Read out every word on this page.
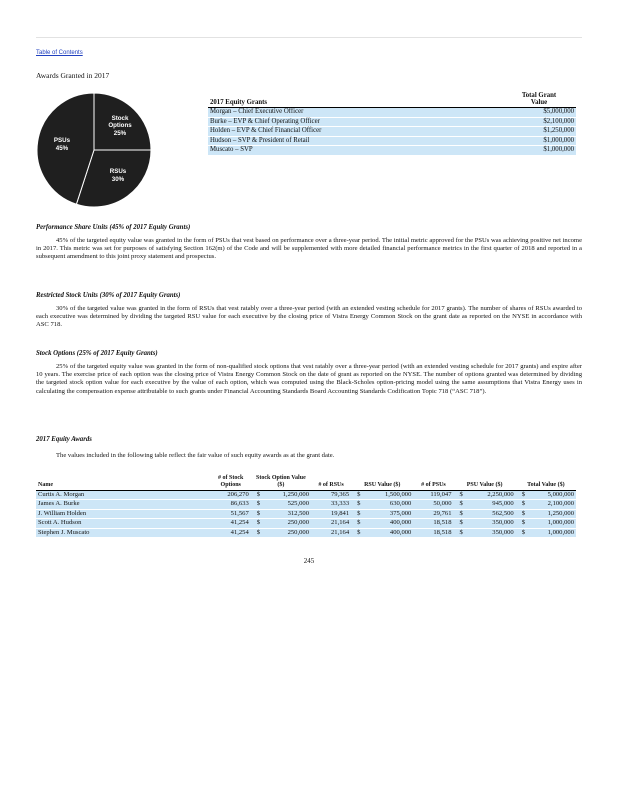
Table of Contents
Awards Granted in 2017
Stock
Options
25%
RSUs
30%
PSUs
45%
2017 Equity Grants	Total Grant
Value
Morgan – Chief Executive Officer	$5,000,000
Burke – EVP & Chief Operating Officer	$2,100,000
Holden – EVP & Chief Financial Officer	$1,250,000
Hudson – SVP & President of Retail	$1,000,000
Muscato – SVP	$1,000,000
Performance Share Units (45% of 2017 Equity Grants)

45% of the targeted equity value was granted in the form of PSUs that vest based on performance over a three-year period. The initial metric approved for the PSUs was achieving positive net income in 2017. This metric was set for purposes of satisfying Section 162(m) of the Code and will be supplemented with more detailed financial performance metrics in the first quarter of 2018 and reported in a subsequent amendment to this joint proxy statement and prospectus.

Restricted Stock Units (30% of 2017 Equity Grants)

30% of the targeted value was granted in the form of RSUs that vest ratably over a three-year period (with an extended vesting schedule for 2017 grants). The number of shares of RSUs awarded to each executive was determined by dividing the targeted RSU value for each executive by the closing price of Vistra Energy Common Stock on the grant date as reported on the NYSE in accordance with ASC 718.

Stock Options (25% of 2017 Equity Grants)

25% of the targeted equity value was granted in the form of non-qualified stock options that vest ratably over a three-year period (with an extended vesting schedule for 2017 grants) and expire after 10 years. The exercise price of each option was the closing price of Vistra Energy Common Stock on the date of grant as reported on the NYSE. The number of options granted was determined by dividing the targeted stock option value for each executive by the value of each option, which was computed using the Black-Scholes option-pricing model using the same assumptions that Vistra Energy uses in calculating the compensation expense attributable to such grants under Financial Accounting Standards Board Accounting Standards Codification Topic 718 (“ASC 718”).

2017 Equity Awards

The values included in the following table reflect the fair value of such equity awards as at the grant date.

Name	# of Stock Options	Stock Option Value ($)	# of RSUs	RSU Value ($)	# of PSUs	PSU Value ($)	Total Value ($)
Curtis A. Morgan	206,270	$ 1,250,000	79,365	$ 1,500,000	119,047	$ 2,250,000	$ 5,000,000

James A. Burke	86,633	$ 525,000	33,333	$ 630,000	50,000	$ 945,000	$ 2,100,000

J. William Holden	51,567	$ 312,500	19,841	$ 375,000	29,761	$ 562,500	$ 1,250,000

Scott A. Hudson	41,254	$ 250,000	21,164	$ 400,000	18,518	$ 350,000	$ 1,000,000

Stephen J. Muscato	41,254	$ 250,000	21,164	$ 400,000	18,518	$ 350,000	$ 1,000,000
245
